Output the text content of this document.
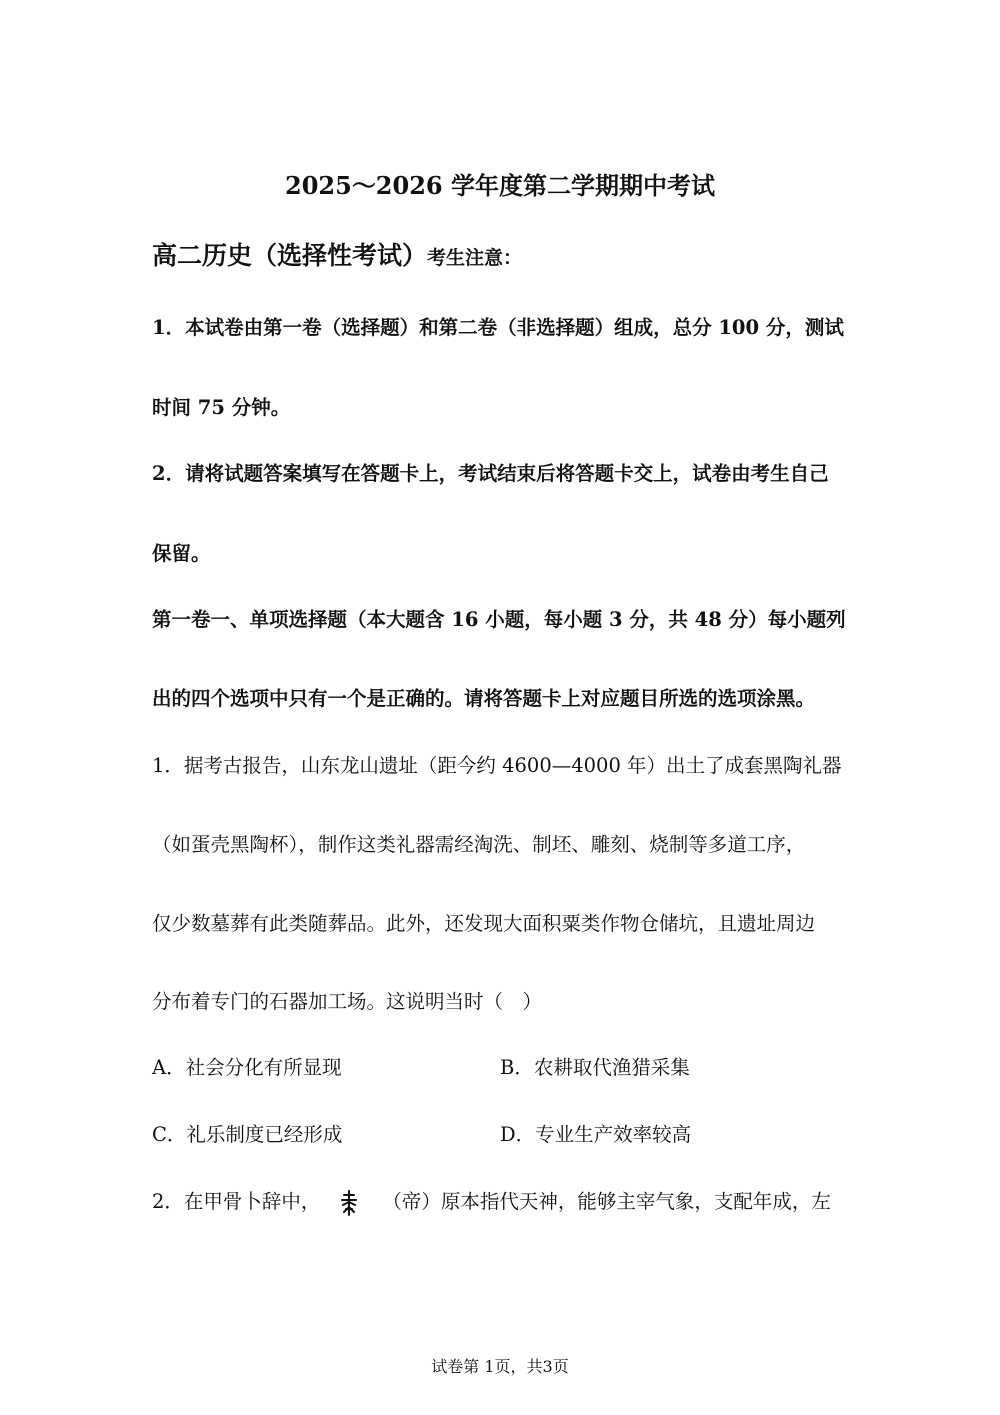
2025～2026 学年度第二学期期中考试
高二历史（选择性考试）考生注意：
1．本试卷由第一卷（选择题）和第二卷（非选择题）组成，总分 100 分，测试
时间 75 分钟。
2．请将试题答案填写在答题卡上，考试结束后将答题卡交上，试卷由考生自己
保留。
第一卷一、单项选择题（本大题含 16 小题，每小题 3 分，共 48 分）每小题列
出的四个选项中只有一个是正确的。请将答题卡上对应题目所选的选项涂黑。
1．据考古报告，山东龙山遗址（距今约 4600—4000 年）出土了成套黑陶礼器
（如蛋壳黑陶杯），制作这类礼器需经淘洗、制坯、雕刻、烧制等多道工序，
仅少数墓葬有此类随葬品。此外，还发现大面积粟类作物仓储坑，且遗址周边
分布着专门的石器加工场。这说明当时（　）
A．社会分化有所显现	B．农耕取代渔猎采集
C．礼乐制度已经形成	D．专业生产效率较高
2．在甲骨卜辞中，	（帝）原本指代天神，能够主宰气象，支配年成，左
试卷第 1页，共3页
